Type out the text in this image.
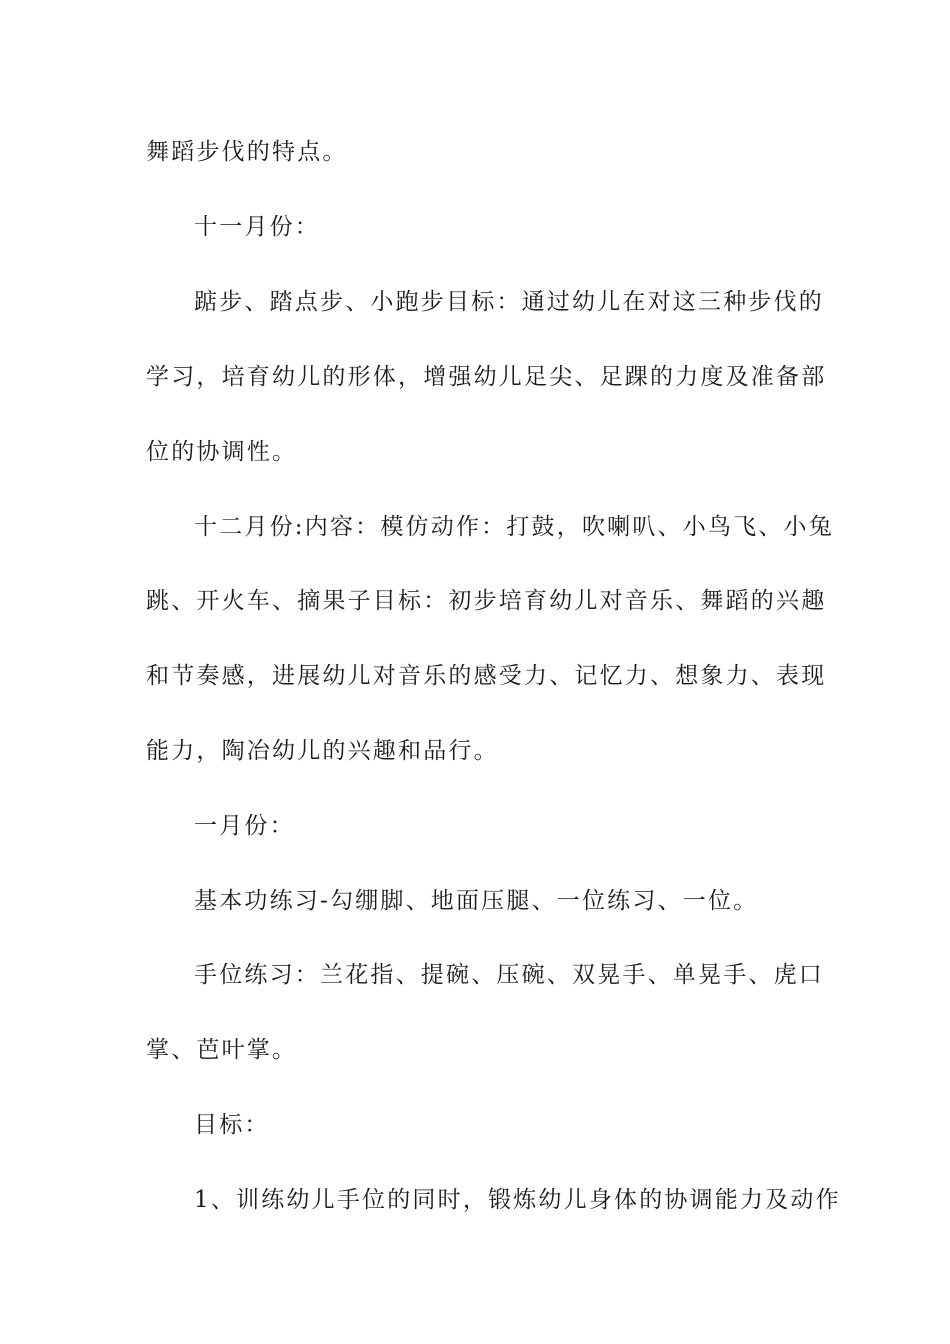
舞蹈步伐的特点。
十一月份：
踮步、踏点步、小跑步目标：通过幼儿在对这三种步伐的
学习，培育幼儿的形体，增强幼儿足尖、足踝的力度及准备部
位的协调性。
十二月份:内容：模仿动作：打鼓，吹喇叭、小鸟飞、小兔
跳、开火车、摘果子目标：初步培育幼儿对音乐、舞蹈的兴趣
和节奏感，进展幼儿对音乐的感受力、记忆力、想象力、表现
能力，陶冶幼儿的兴趣和品行。
一月份：
基本功练习-勾绷脚、地面压腿、一位练习、一位。
手位练习：兰花指、提碗、压碗、双晃手、单晃手、虎口
掌、芭叶掌。
目标：
1、训练幼儿手位的同时，锻炼幼儿身体的协调能力及动作
